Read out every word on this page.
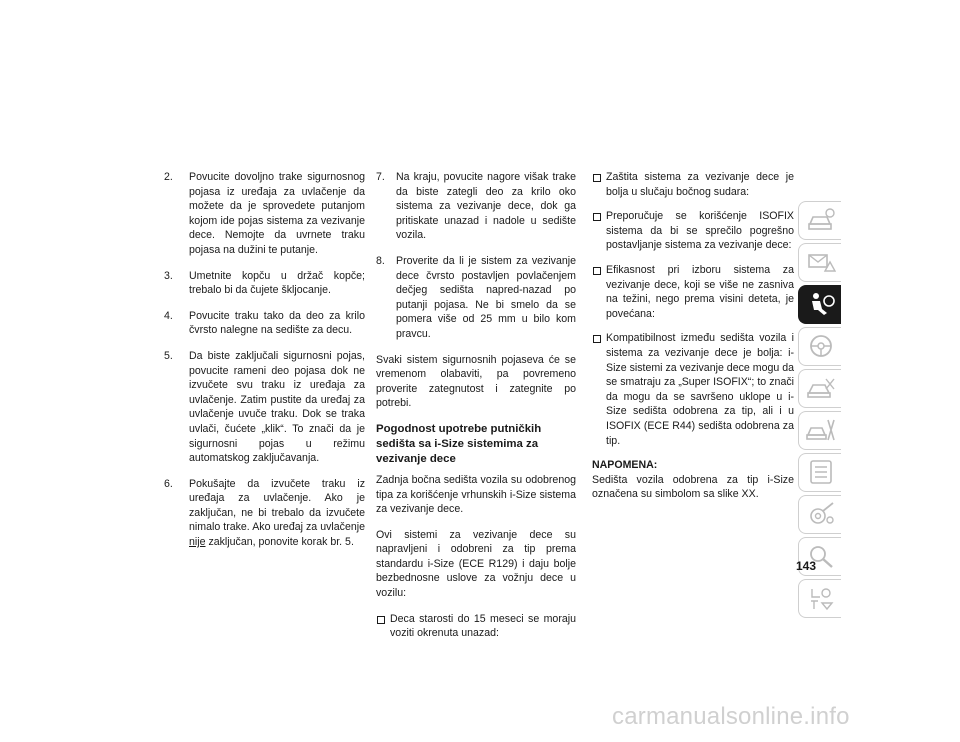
2. Povucite dovoljno trake sigurnosnog pojasa iz uređaja za uvlačenje da možete da je sprovedete putanjom kojom ide pojas sistema za vezivanje dece. Nemojte da uvrnete traku pojasa na dužini te putanje.
3. Umetnite kopču u držač kopče; trebalo bi da čujete škljocanje.
4. Povucite traku tako da deo za krilo čvrsto nalegne na sedište za decu.
5. Da biste zaključali sigurnosni pojas, povucite rameni deo pojasa dok ne izvučete svu traku iz uređaja za uvlačenje. Zatim pustite da uređaj za uvlačenje uvuče traku. Dok se traka uvlači, čućete „klik“. To znači da je sigurnosni pojas u režimu automatskog zaključavanja.
6. Pokušajte da izvučete traku iz uređaja za uvlačenje. Ako je zaključan, ne bi trebalo da izvučete nimalo trake. Ako uređaj za uvlačenje nije zaključan, ponovite korak br. 5.
7. Na kraju, povucite nagore višak trake da biste zategli deo za krilo oko sistema za vezivanje dece, dok ga pritiskate unazad i nadole u sedište vozila.
8. Proverite da li je sistem za vezivanje dece čvrsto postavljen povlačenjem dečjeg sedišta napred-nazad po putanji pojasa. Ne bi smelo da se pomera više od 25 mm u bilo kom pravcu.

Svaki sistem sigurnosnih pojaseva će se vremenom olabaviti, pa povremeno proverite zategnutost i zategnite po potrebi.

Pogodnost upotrebe putničkih sedišta sa i-Size sistemima za vezivanje dece

Zadnja bočna sedišta vozila su odobrenog tipa za korišćenje vrhunskih i-Size sistema za vezivanje dece.

Ovi sistemi za vezivanje dece su napravljeni i odobreni za tip prema standardu i-Size (ECE R129) i daju bolje bezbednosne uslove za vožnju dece u vozilu:

Deca starosti do 15 meseci se moraju voziti okrenuta unazad:
Zaštita sistema za vezivanje dece je bolja u slučaju bočnog sudara:
Preporučuje se korišćenje ISOFIX sistema da bi se sprečilo pogrešno postavljanje sistema za vezivanje dece:
Efikasnost pri izboru sistema za vezivanje dece, koji se više ne zasniva na težini, nego prema visini deteta, je povećana:
Kompatibilnost između sedišta vozila i sistema za vezivanje dece je bolja: i-Size sistemi za vezivanje dece mogu da se smatraju za „Super ISOFIX“; to znači da mogu da se savršeno uklope u i-Size sedišta odobrena za tip, ali i u ISOFIX (ECE R44) sedišta odobrena za tip.

NAPOMENA:

Sedišta vozila odobrena za tip i-Size označena su simbolom sa slike XX.

143
carmanualsonline.info
